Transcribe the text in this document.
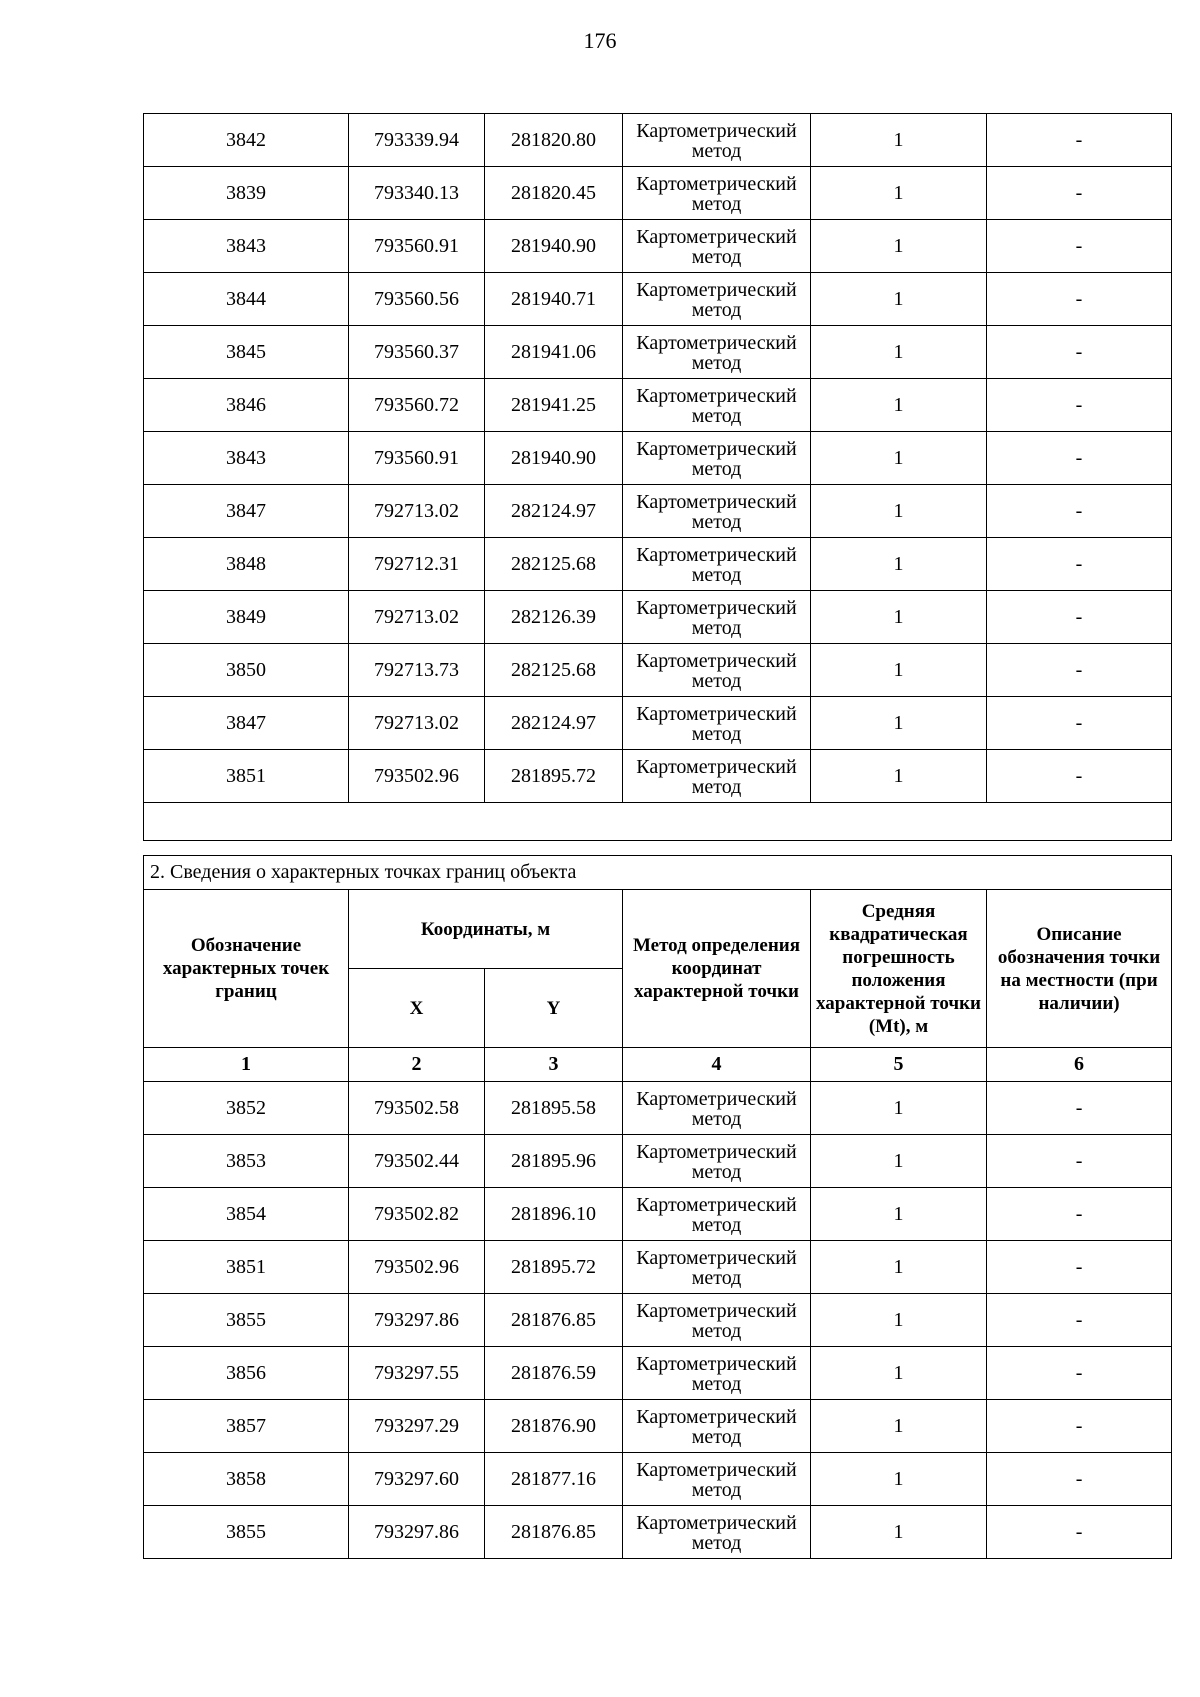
176
3842	793339.94	281820.80	Картометрический метод	1	-
3839	793340.13	281820.45	Картометрический метод	1	-
3843	793560.91	281940.90	Картометрический метод	1	-
3844	793560.56	281940.71	Картометрический метод	1	-
3845	793560.37	281941.06	Картометрический метод	1	-
3846	793560.72	281941.25	Картометрический метод	1	-
3843	793560.91	281940.90	Картометрический метод	1	-
3847	792713.02	282124.97	Картометрический метод	1	-
3848	792712.31	282125.68	Картометрический метод	1	-
3849	792713.02	282126.39	Картометрический метод	1	-
3850	792713.73	282125.68	Картометрический метод	1	-
3847	792713.02	282124.97	Картометрический метод	1	-
3851	793502.96	281895.72	Картометрический метод	1	-

2. Сведения о характерных точках границ объекта					
Обозначение характерных точек границ	Координаты, м		Метод определения координат характерной точки	Средняя квадратическая погрешность положения характерной точки (Mt), м	Описание обозначения точки на местности (при наличии)
	X	Y			
1	2	3	4	5	6
3852	793502.58	281895.58	Картометрический метод	1	-
3853	793502.44	281895.96	Картометрический метод	1	-
3854	793502.82	281896.10	Картометрический метод	1	-
3851	793502.96	281895.72	Картометрический метод	1	-
3855	793297.86	281876.85	Картометрический метод	1	-
3856	793297.55	281876.59	Картометрический метод	1	-
3857	793297.29	281876.90	Картометрический метод	1	-
3858	793297.60	281877.16	Картометрический метод	1	-
3855	793297.86	281876.85	Картометрический метод	1	-
